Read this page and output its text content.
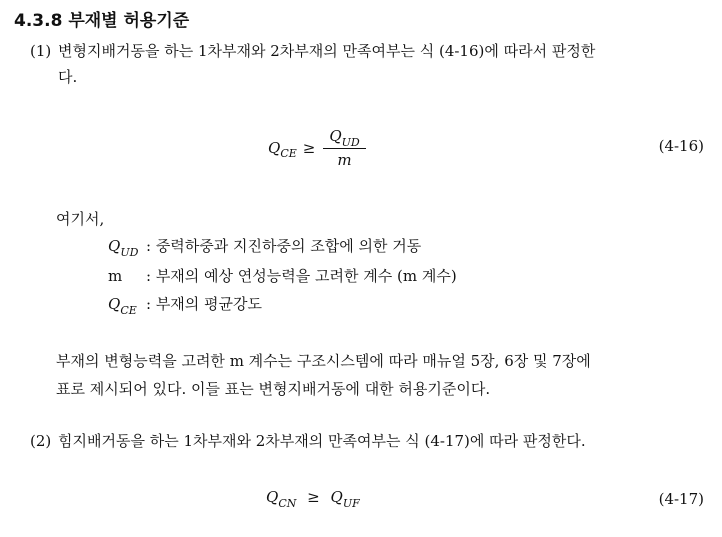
4.3.8 부재별 허용기준
(1) 변형지배거동을 하는 1차부재와 2차부재의 만족여부는 식 (4-16)에 따라서 판정한
다.
Q CE ≥ $\frac{Q_{UD}}{m}$	(4-16)
여기서,
$Q_{UD}$ : 중력하중과 지진하중의 조합에 의한 거동
m	: 부재의 예상 연성능력을 고려한 계수 (m 계수)
$Q_{CE}$ : 부재의 평균강도
부재의 변형능력을 고려한 m 계수는 구조시스템에 따라 매뉴얼 5장, 6장 및 7장에
표로 제시되어 있다. 이들 표는 변형지배거동에 대한 허용기준이다.
(2) 힘지배거동을 하는 1차부재와 2차부재의 만족여부는 식 (4-17)에 따라 판정한다.
$Q_{CN} \ge Q_{UF}$	(4-17)
